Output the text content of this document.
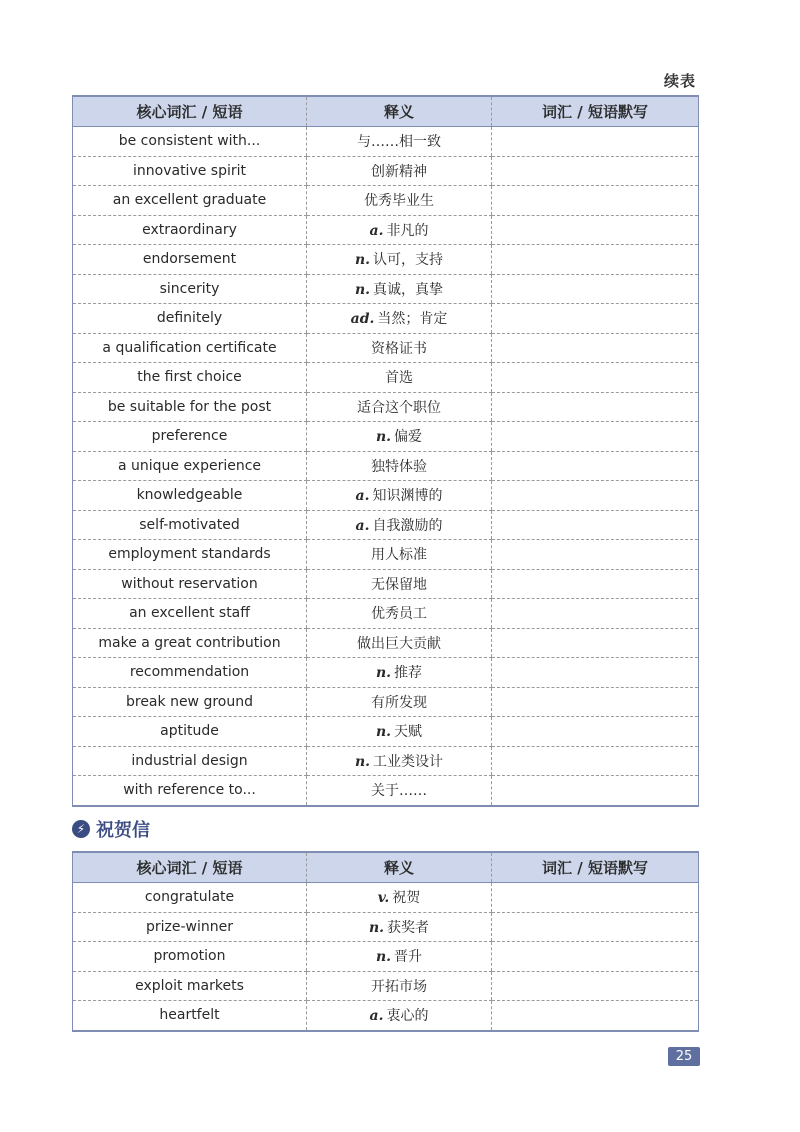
续表
核心词汇 / 短语	释义	词汇 / 短语默写
be consistent with...	与……相一致	
innovative spirit	创新精神	
an excellent graduate	优秀毕业生	
extraordinary	a. 非凡的	
endorsement	n. 认可，支持	
sincerity	n. 真诚，真挚	
definitely	ad. 当然；肯定	
a qualification certificate	资格证书	
the first choice	首选	
be suitable for the post	适合这个职位	
preference	n. 偏爱	
a unique experience	独特体验	
knowledgeable	a. 知识渊博的	
self-motivated	a. 自我激励的	
employment standards	用人标准	
without reservation	无保留地	
an excellent staff	优秀员工	
make a great contribution	做出巨大贡献	
recommendation	n. 推荐	
break new ground	有所发现	
aptitude	n. 天赋	
industrial design	n. 工业类设计	
with reference to...	关于……	
⚡ 祝贺信
核心词汇 / 短语	释义	词汇 / 短语默写
congratulate	v. 祝贺	
prize-winner	n. 获奖者	
promotion	n. 晋升	
exploit markets	开拓市场	
heartfelt	a. 衷心的	
25
